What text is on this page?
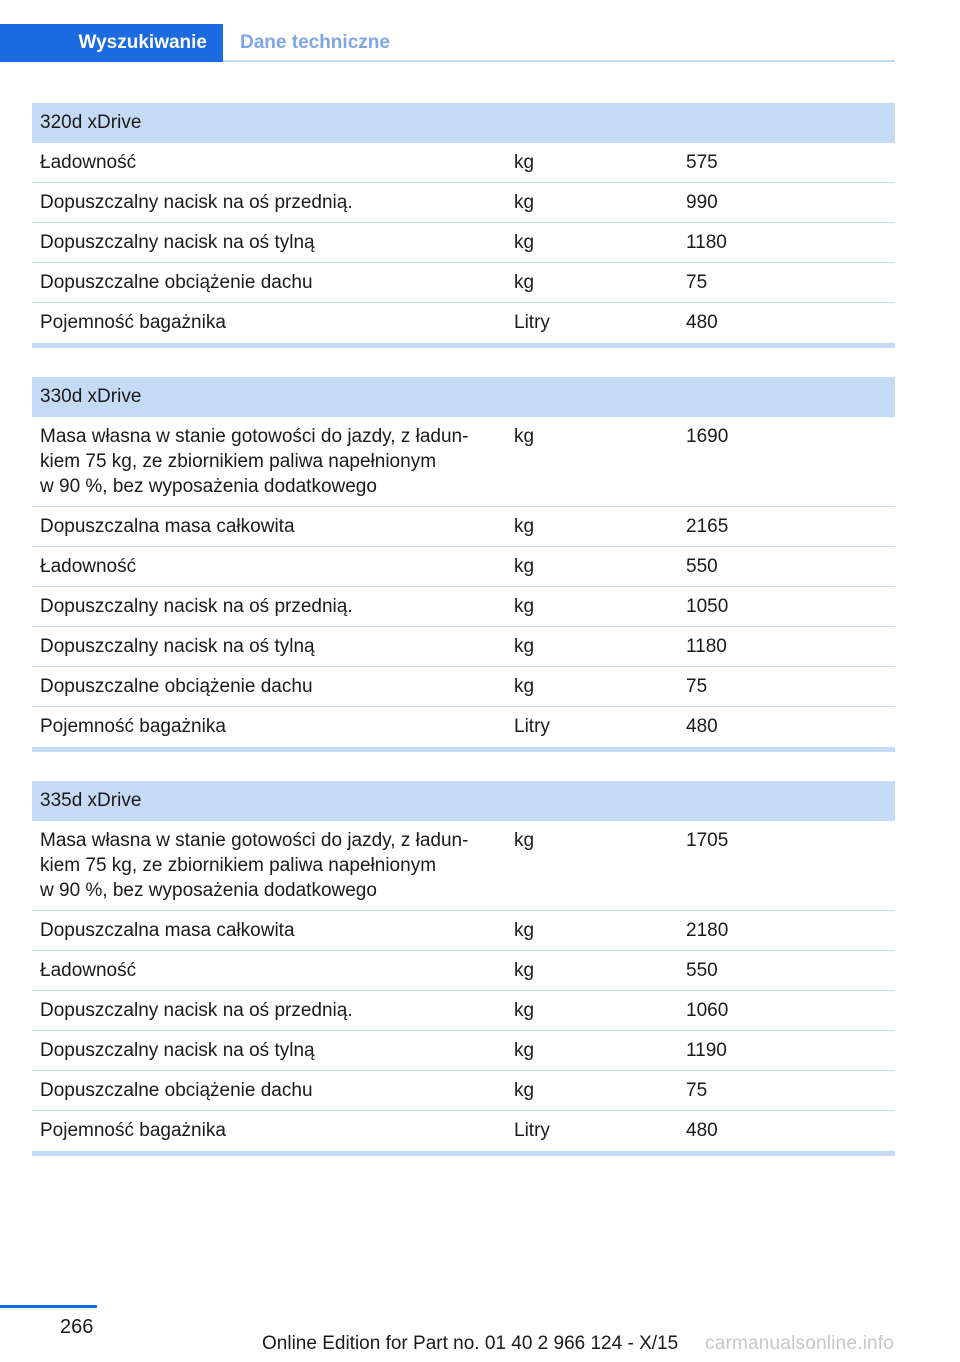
Wyszukiwanie	Dane techniczne
320d xDrive
Ładowność	kg	575
Dopuszczalny nacisk na oś przednią.	kg	990
Dopuszczalny nacisk na oś tylną	kg	1180
Dopuszczalne obciążenie dachu	kg	75
Pojemność bagażnika	Litry	480
330d xDrive
Masa własna w stanie gotowości do jazdy, z ładun-
kiem 75 kg, ze zbiornikiem paliwa napełnionym
w 90 %, bez wyposażenia dodatkowego
kg	1690
Dopuszczalna masa całkowita	kg	2165
Ładowność	kg	550
Dopuszczalny nacisk na oś przednią.	kg	1050
Dopuszczalny nacisk na oś tylną	kg	1180
Dopuszczalne obciążenie dachu	kg	75
Pojemność bagażnika	Litry	480
335d xDrive
Masa własna w stanie gotowości do jazdy, z ładun-
kiem 75 kg, ze zbiornikiem paliwa napełnionym
w 90 %, bez wyposażenia dodatkowego
kg	1705
Dopuszczalna masa całkowita	kg	2180
Ładowność	kg	550
Dopuszczalny nacisk na oś przednią.	kg	1060
Dopuszczalny nacisk na oś tylną	kg	1190
Dopuszczalne obciążenie dachu	kg	75
Pojemność bagażnika	Litry	480
266
Online Edition for Part no. 01 40 2 966 124 - X/15 carmanualsonline.info
